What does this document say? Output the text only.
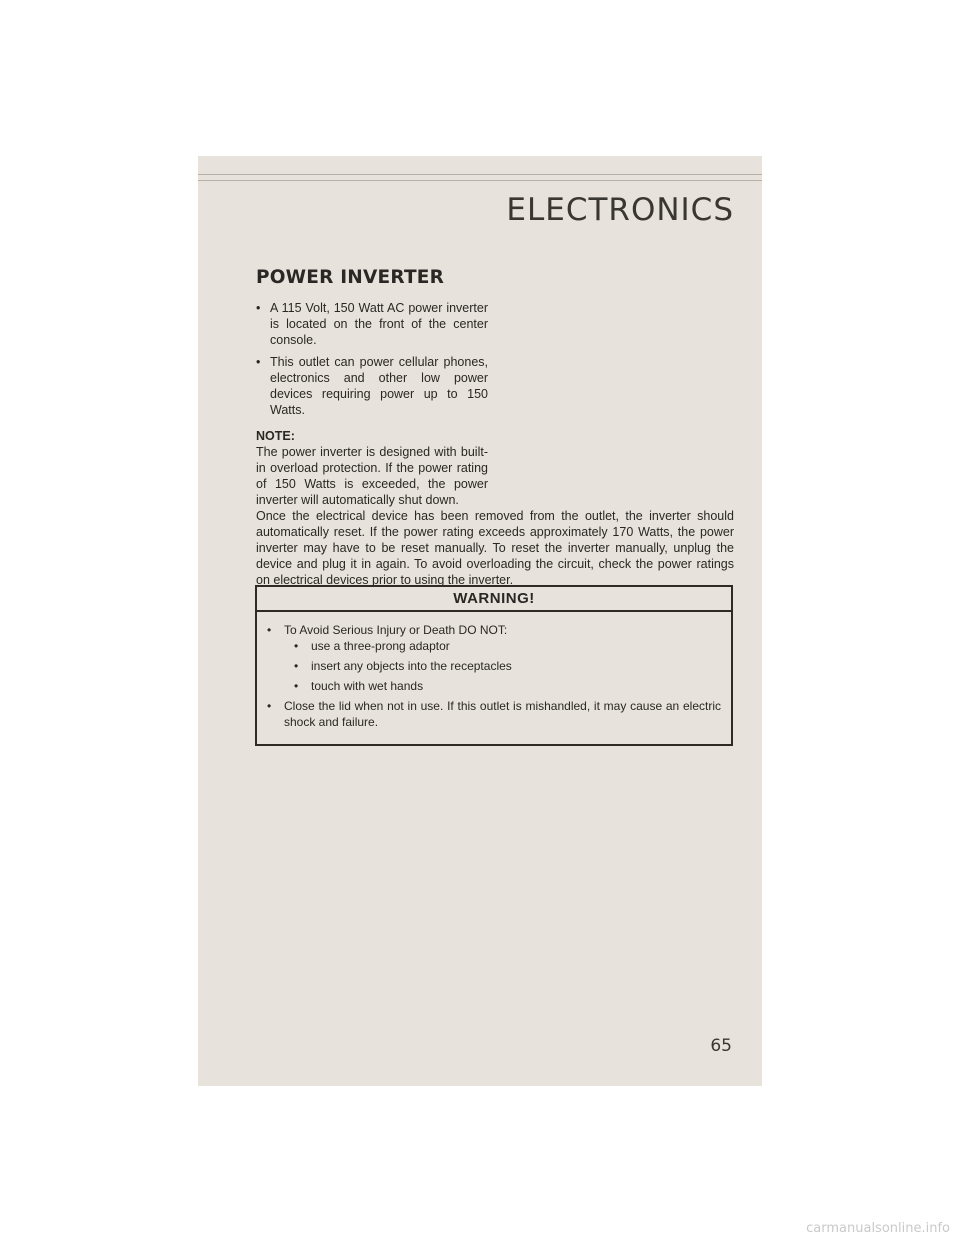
ELECTRONICS
POWER INVERTER
• A 115 Volt, 150 Watt AC power inverter is located on the front of the center console.
• This outlet can power cellular phones, electronics and other low power devices requiring power up to 150 Watts.
NOTE:

The power inverter is designed with built-in overload protection. If the power rating of 150 Watts is exceeded, the power inverter will automatically shut down.

Once the electrical device has been removed from the outlet, the inverter should automatically reset. If the power rating exceeds approximately 170 Watts, the power inverter may have to be reset manually. To reset the inverter manually, unplug the device and plug it in again. To avoid overloading the circuit, check the power ratings on electrical devices prior to using the inverter.

WARNING!
• To Avoid Serious Injury or Death DO NOT:
• use a three-prong adaptor
• insert any objects into the receptacles
• touch with wet hands
• Close the lid when not in use. If this outlet is mishandled, it may cause an electric shock and failure.
65
carmanualsonline.info
